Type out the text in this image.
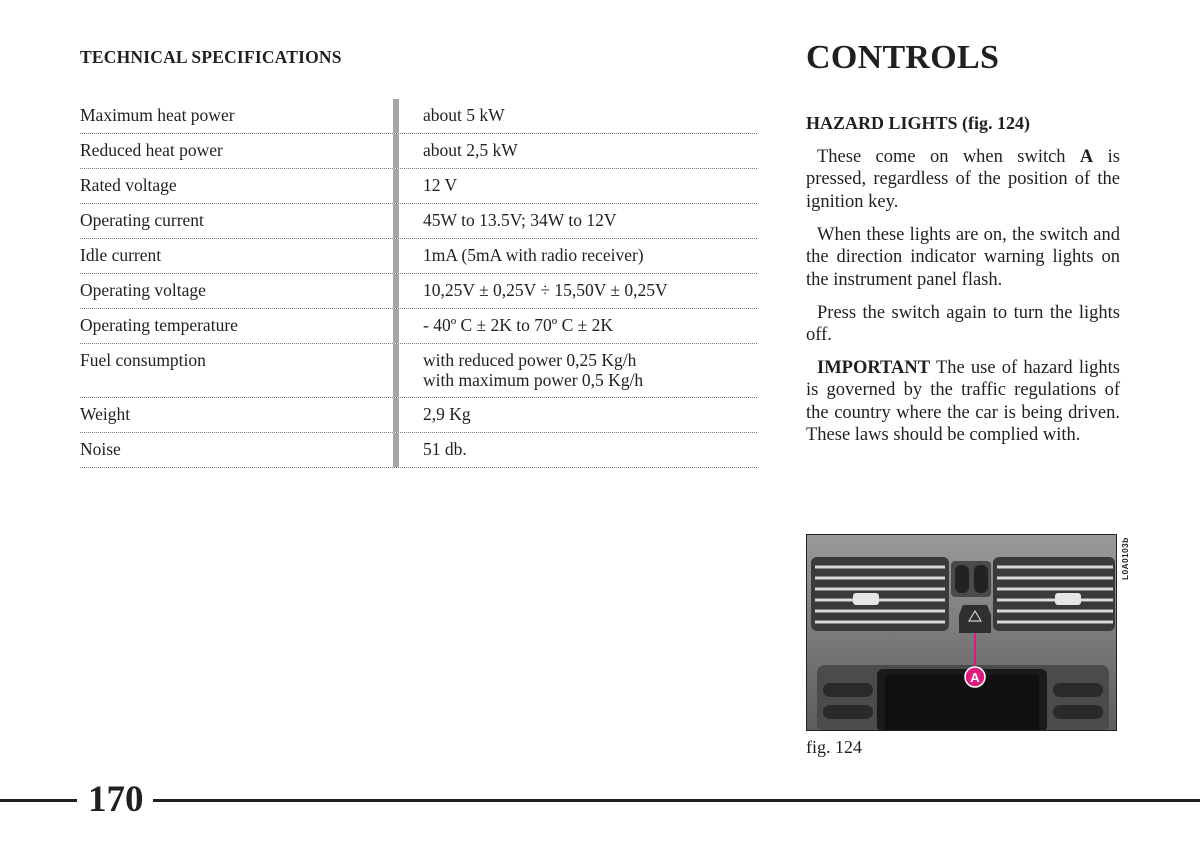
TECHNICAL SPECIFICATIONS
Maximum heat power	about 5 kW
Reduced heat power	about 2,5 kW
Rated voltage	12 V
Operating current	45W to 13.5V; 34W to 12V
Idle current	1mA (5mA with radio receiver)
Operating voltage	10,25V ± 0,25V ÷ 15,50V ± 0,25V
Operating temperature	- 40º C ± 2K to 70º C ± 2K
Fuel consumption	with reduced power 0,25 Kg/h
with maximum power 0,5 Kg/h
Weight	2,9 Kg
Noise	51 db.
CONTROLS
HAZARD LIGHTS (fig. 124)

These come on when switch A is pressed, regardless of the position of the ignition key.

When these lights are on, the switch and the direction indicator warning lights on the instrument panel flash.

Press the switch again to turn the lights off.

IMPORTANT The use of hazard lights is governed by the traffic regulations of the country where the car is being driven. These laws should be complied with.

A
L0A0103b
fig. 124
170
